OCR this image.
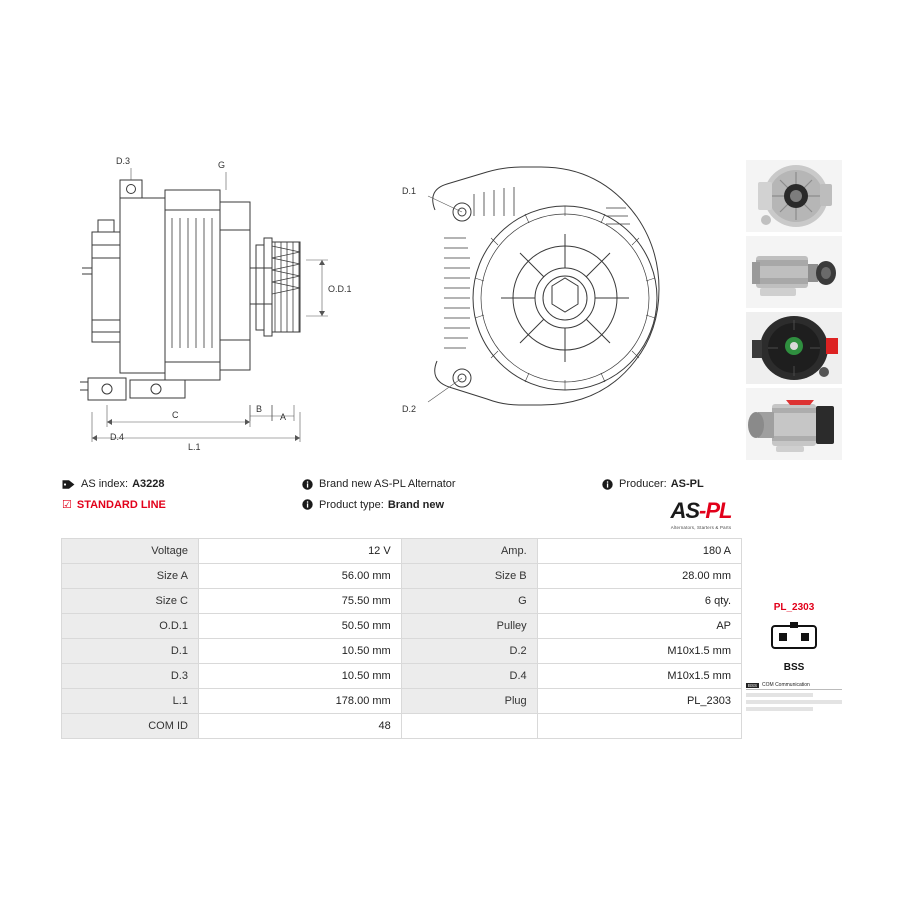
D.3	G
O.D.1
D.4
C
B
A
L.1
D.1
D.2
AS index: A3228	Brand new AS-PL Alternator	Producer: AS-PL
☑ STANDARD LINE	Product type: Brand new	AS-PL
Alternators, Starters & Parts
Voltage	12 V	Amp.	180 A
Size A	56.00 mm	Size B	28.00 mm
Size C	75.50 mm	G	6 qty.
O.D.1	50.50 mm	Pulley	AP
D.1	10.50 mm	D.2	M10x1.5 mm
D.3	10.50 mm	D.4	M10x1.5 mm
L.1	178.00 mm	Plug	PL_2303
COM ID	48		
PL_2303
BSS
BSS	COM Communication
